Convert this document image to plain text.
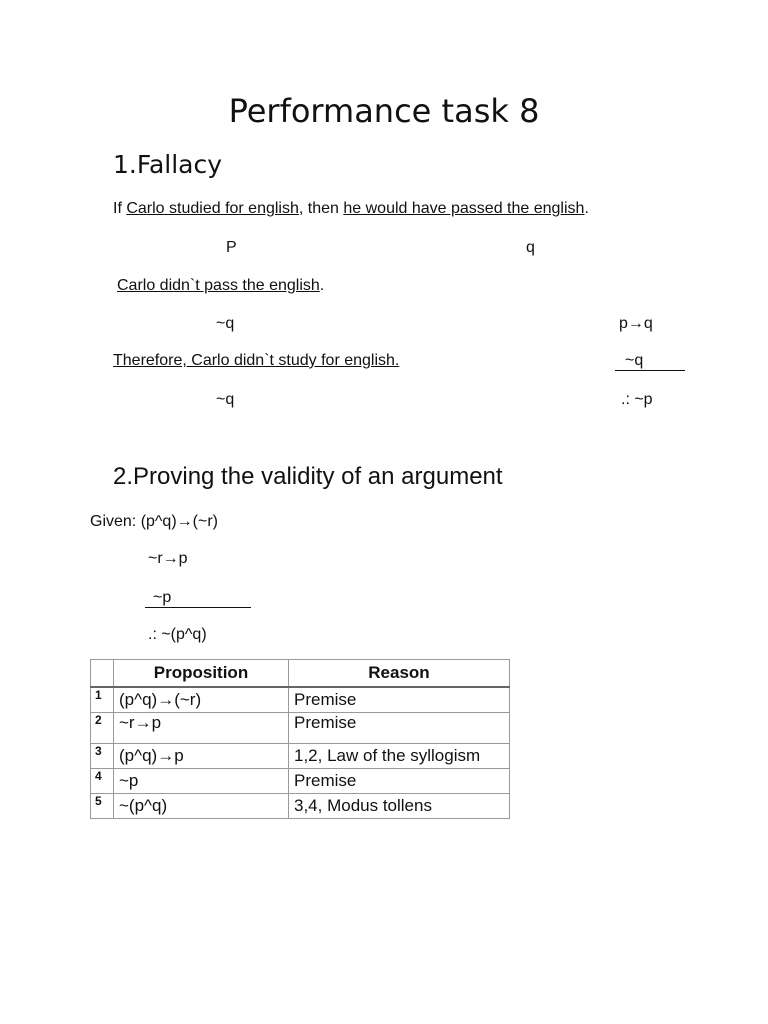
Performance task 8
1.Fallacy
If Carlo studied for english, then he would have passed the english.
P	q
Carlo didn`t pass the english.
~q	p→q
Therefore, Carlo didn`t study for english.	~q
~q	.: ~p
2.Proving the validity of an argument
Given: (p^q)→(~r)
~r→p
~p
.: ~(p^q)
	Proposition	Reason
1	(p^q)→(~r)	Premise
2	~r→p	Premise
3	(p^q)→p	1,2, Law of the syllogism
4	~p	Premise
5	~(p^q)	3,4, Modus tollens
